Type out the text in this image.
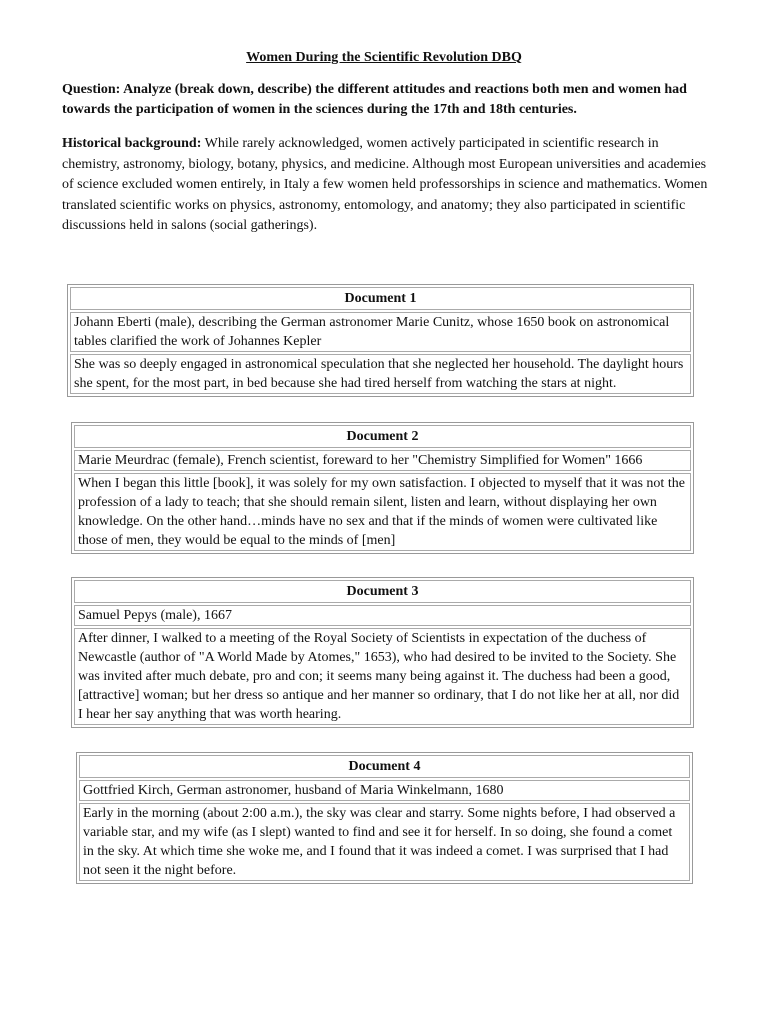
Women During the Scientific Revolution DBQ
Question: Analyze (break down, describe) the different attitudes and reactions both men and women had towards the participation of women in the sciences during the 17th and 18th centuries.
Historical background: While rarely acknowledged, women actively participated in scientific research in chemistry, astronomy, biology, botany, physics, and medicine. Although most European universities and academies of science excluded women entirely, in Italy a few women held professorships in science and mathematics. Women translated scientific works on physics, astronomy, entomology, and anatomy; they also participated in scientific discussions held in salons (social gatherings).
Document 1
Johann Eberti (male), describing the German astronomer Marie Cunitz, whose 1650 book on astronomical tables clarified the work of Johannes Kepler
She was so deeply engaged in astronomical speculation that she neglected her household. The daylight hours she spent, for the most part, in bed because she had tired herself from watching the stars at night.
Document 2
Marie Meurdrac (female), French scientist, foreward to her "Chemistry Simplified for Women" 1666
When I began this little [book], it was solely for my own satisfaction. I objected to myself that it was not the profession of a lady to teach; that she should remain silent, listen and learn, without displaying her own knowledge. On the other hand…minds have no sex and that if the minds of women were cultivated like those of men, they would be equal to the minds of [men]
Document 3
Samuel Pepys (male), 1667
After dinner, I walked to a meeting of the Royal Society of Scientists in expectation of the duchess of Newcastle (author of "A World Made by Atomes," 1653), who had desired to be invited to the Society. She was invited after much debate, pro and con; it seems many being against it. The duchess had been a good, [attractive] woman; but her dress so antique and her manner so ordinary, that I do not like her at all, nor did I hear her say anything that was worth hearing.
Document 4
Gottfried Kirch, German astronomer, husband of Maria Winkelmann, 1680
Early in the morning (about 2:00 a.m.), the sky was clear and starry. Some nights before, I had observed a variable star, and my wife (as I slept) wanted to find and see it for herself. In so doing, she found a comet in the sky. At which time she woke me, and I found that it was indeed a comet. I was surprised that I had not seen it the night before.
